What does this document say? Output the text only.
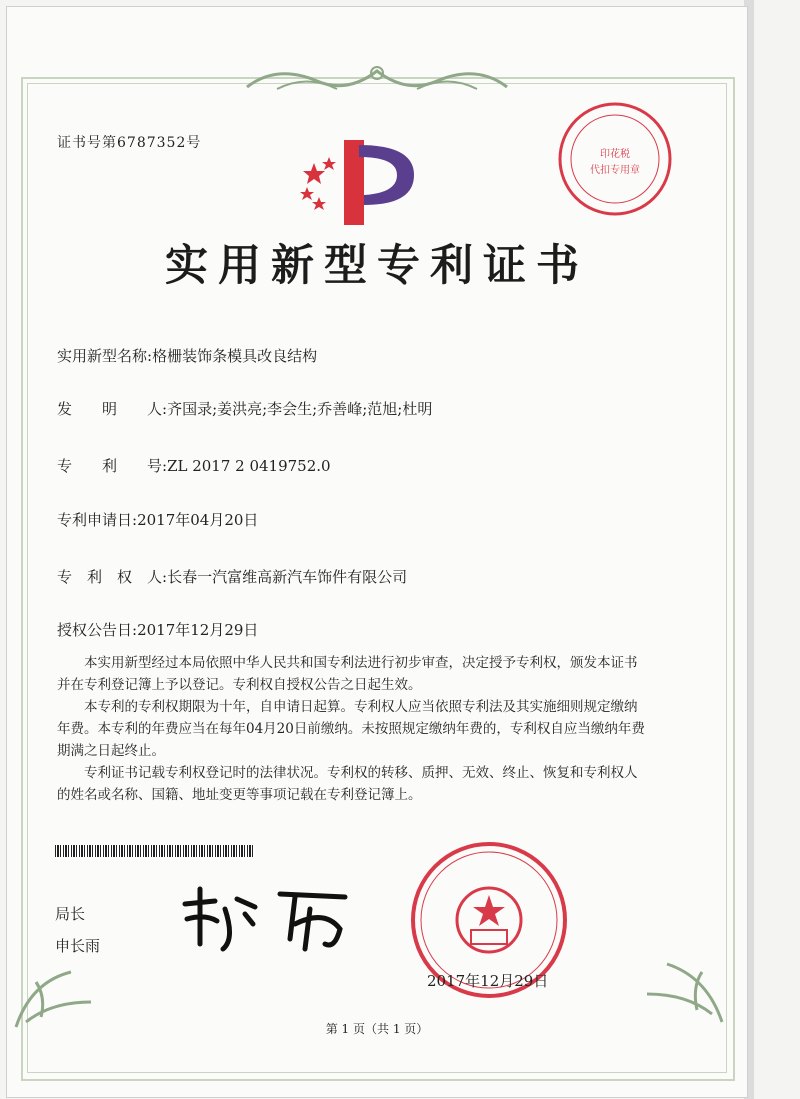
证书号第6787352号
印花税
代扣专用章
实用新型专利证书
实用新型名称:格栅装饰条模具改良结构
发　　明　　人:齐国录;姜洪亮;李会生;乔善峰;范旭;杜明
专　　利　　号:ZL 2017 2 0419752.0
专利申请日:2017年04月20日
专　利　权　人:长春一汽富维高新汽车饰件有限公司
授权公告日:2017年12月29日

本实用新型经过本局依照中华人民共和国专利法进行初步审查，决定授予专利权，颁发本证书并在专利登记簿上予以登记。专利权自授权公告之日起生效。

本专利的专利权期限为十年，自申请日起算。专利权人应当依照专利法及其实施细则规定缴纳年费。本专利的年费应当在每年04月20日前缴纳。未按照规定缴纳年费的，专利权自应当缴纳年费期满之日起终止。

专利证书记载专利权登记时的法律状况。专利权的转移、质押、无效、终止、恢复和专利权人的姓名或名称、国籍、地址变更等事项记载在专利登记簿上。

局长
申长雨
2017年12月29日
第 1 页（共 1 页）
